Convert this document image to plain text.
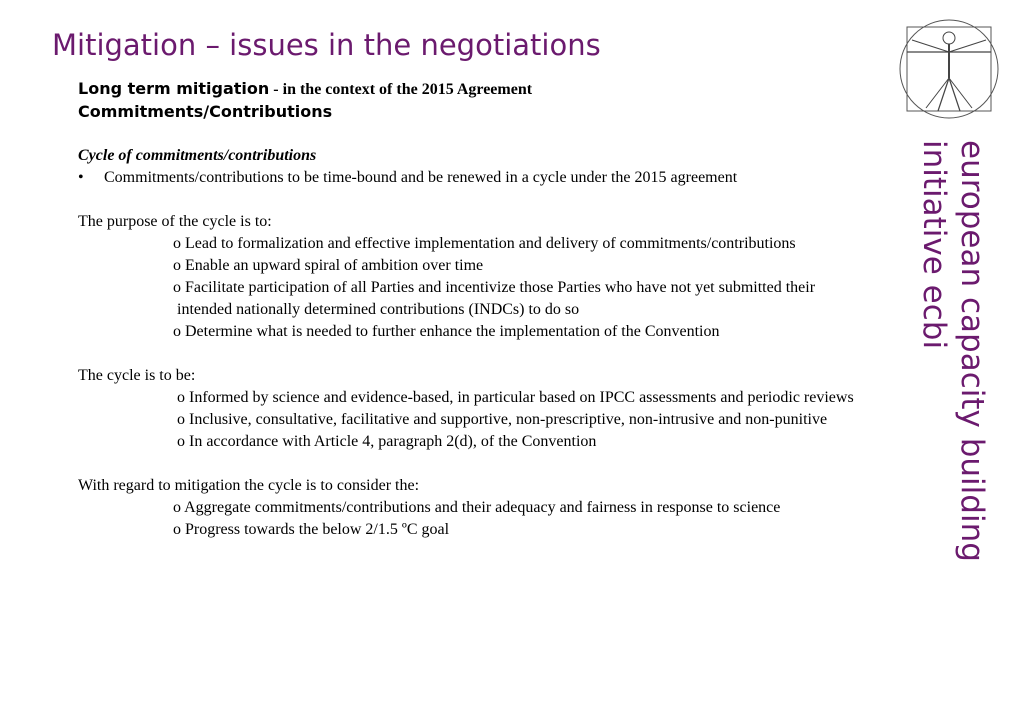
Mitigation – issues in the negotiations
european capacity building
initiative ecbi
Long term mitigation - in the context of the 2015 Agreement
Commitments/Contributions
Cycle of commitments/contributions
• Commitments/contributions to be time-bound and be renewed in a cycle under the 2015 agreement
The purpose of the cycle is to:
o Lead to formalization and effective implementation and delivery of commitments/contributions
o Enable an upward spiral of ambition over time
o Facilitate participation of all Parties and incentivize those Parties who have not yet submitted their
intended nationally determined contributions (INDCs) to do so
o Determine what is needed to further enhance the implementation of the Convention
The cycle is to be:
o Informed by science and evidence-based, in particular based on IPCC assessments and periodic reviews
o Inclusive, consultative, facilitative and supportive, non-prescriptive, non-intrusive and non-punitive
o In accordance with Article 4, paragraph 2(d), of the Convention
With regard to mitigation the cycle is to consider the:
o Aggregate commitments/contributions and their adequacy and fairness in response to science
o Progress towards the below 2/1.5 ºC goal
